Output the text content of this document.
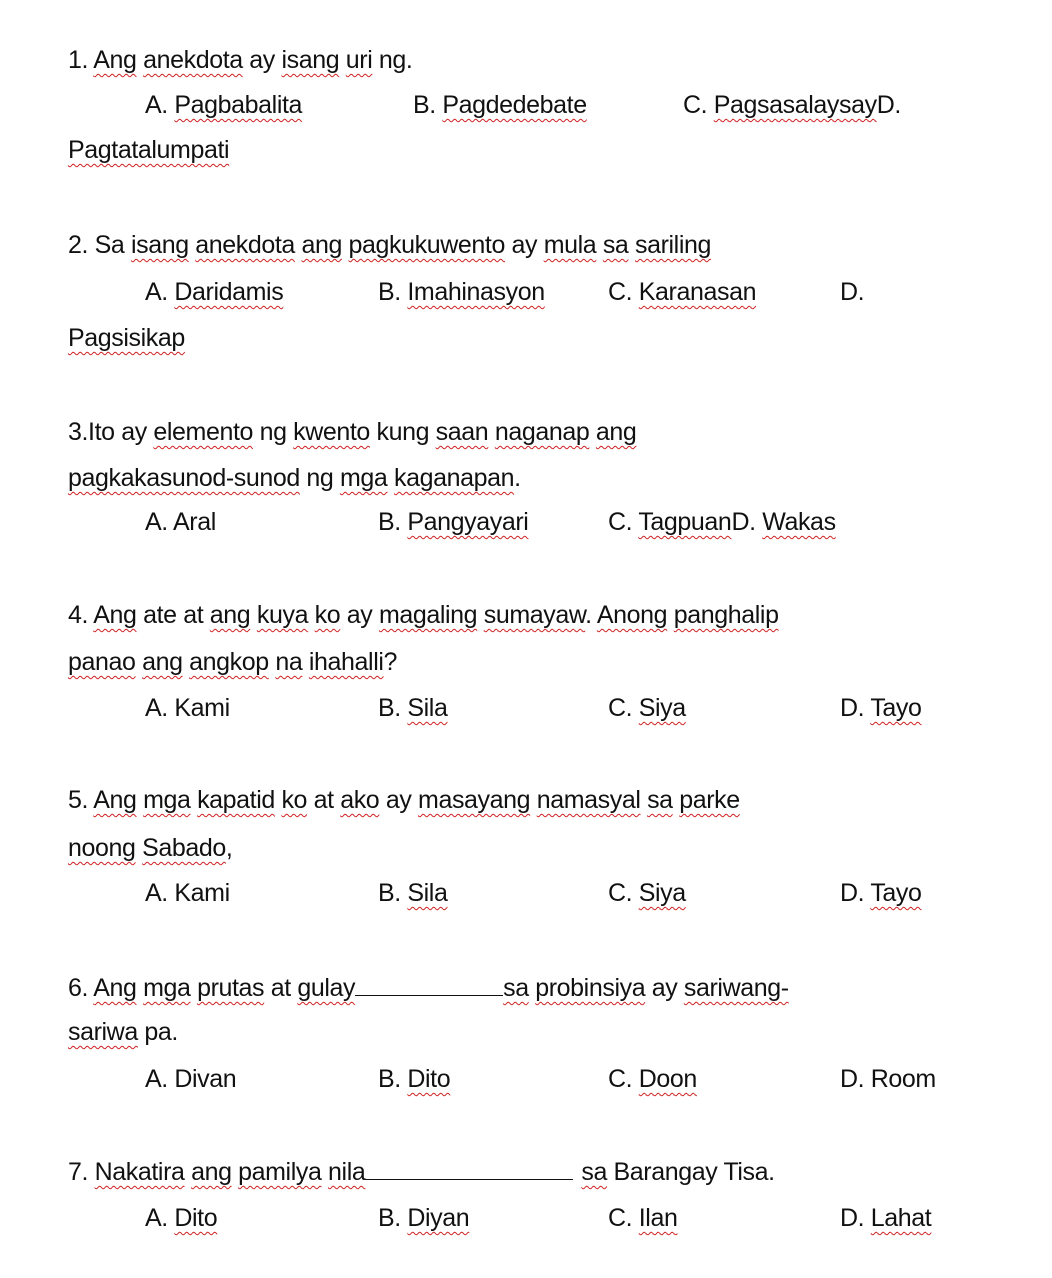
1. Ang anekdota ay isang uri ng.
A. Pagbabalita	B. Pagdedebate	C. PagsasalaysayD.
Pagtatalumpati
2. Sa isang anekdota ang pagkukuwento ay mula sa sariling
A. Daridamis	B. Imahinasyon	C. Karanasan	D.
Pagsisikap
3.Ito ay elemento ng kwento kung saan naganap ang
pagkakasunod-sunod ng mga kaganapan.
A. Aral	B. Pangyayari	C. TagpuanD. Wakas
4. Ang ate at ang kuya ko ay magaling sumayaw. Anong panghalip
panao ang angkop na ihahalli?
A. Kami	B. Sila	C. Siya	D. Tayo
5. Ang mga kapatid ko at ako ay masayang namasyal sa parke
noong Sabado,
A. Kami	B. Sila	C. Siya	D. Tayo
6. Ang mga prutas at gulay	sa probinsiya ay sariwang-
sariwa pa.
A. Divan	B. Dito	C. Doon	D. Room
7. Nakatira ang pamilya nila	sa Barangay Tisa.
A. Dito	B. Diyan	C. Ilan	D. Lahat
